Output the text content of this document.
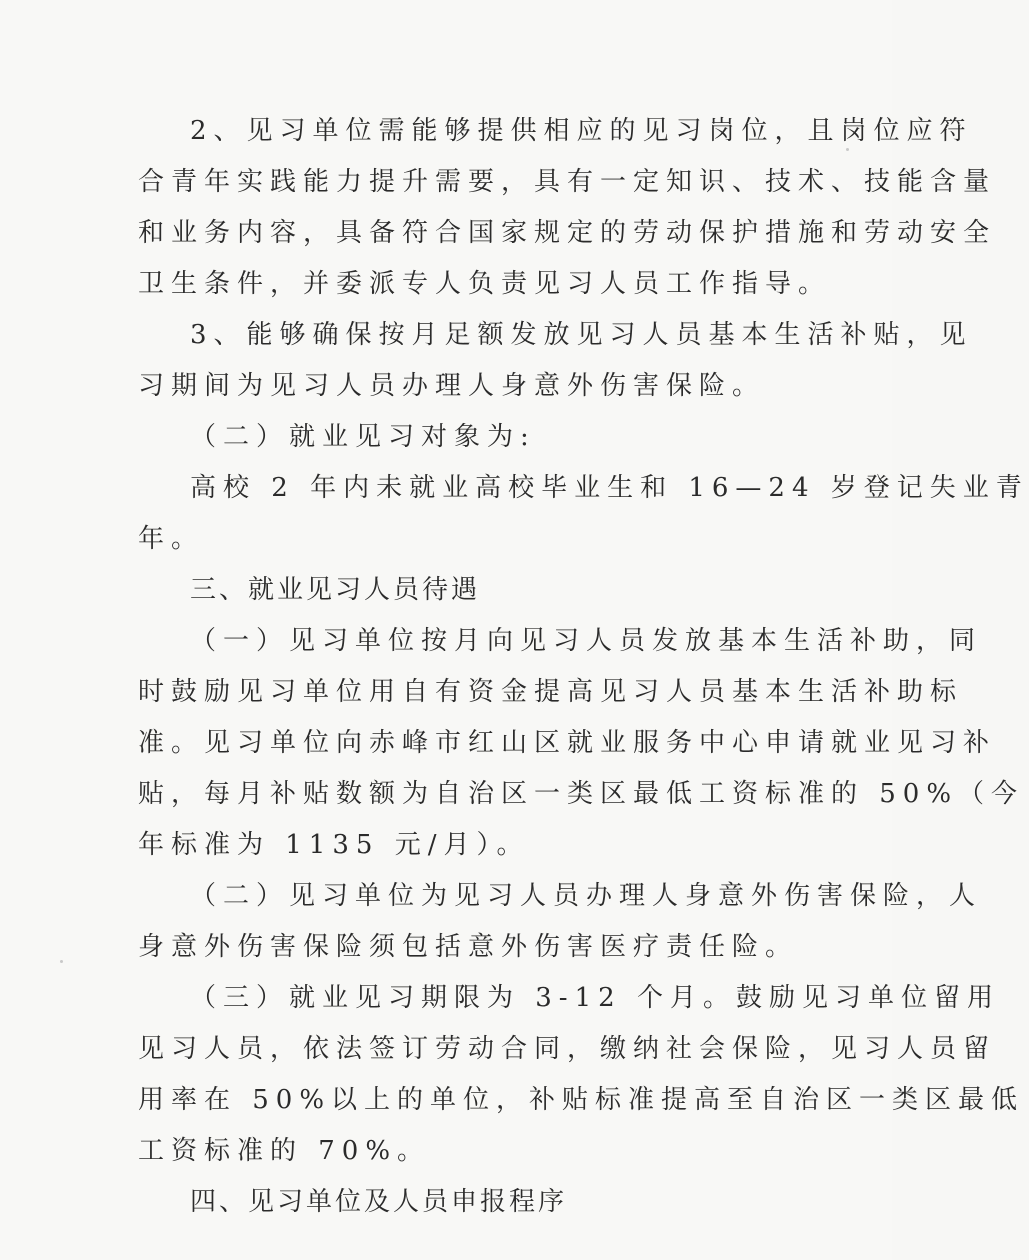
2、见习单位需能够提供相应的见习岗位，且岗位应符
合青年实践能力提升需要，具有一定知识、技术、技能含量
和业务内容，具备符合国家规定的劳动保护措施和劳动安全
卫生条件，并委派专人负责见习人员工作指导。
3、能够确保按月足额发放见习人员基本生活补贴，见
习期间为见习人员办理人身意外伤害保险。
（二）就业见习对象为:
高校 2 年内未就业高校毕业生和 16—24 岁登记失业青
年。
三、就业见习人员待遇
（一）见习单位按月向见习人员发放基本生活补助，同
时鼓励见习单位用自有资金提高见习人员基本生活补助标
准。见习单位向赤峰市红山区就业服务中心申请就业见习补
贴，每月补贴数额为自治区一类区最低工资标准的 50%（今
年标准为 1135 元/月）。
（二）见习单位为见习人员办理人身意外伤害保险，人
身意外伤害保险须包括意外伤害医疗责任险。
（三）就业见习期限为 3-12 个月。鼓励见习单位留用
见习人员，依法签订劳动合同，缴纳社会保险，见习人员留
用率在 50%以上的单位，补贴标准提高至自治区一类区最低
工资标准的 70%。
四、见习单位及人员申报程序
